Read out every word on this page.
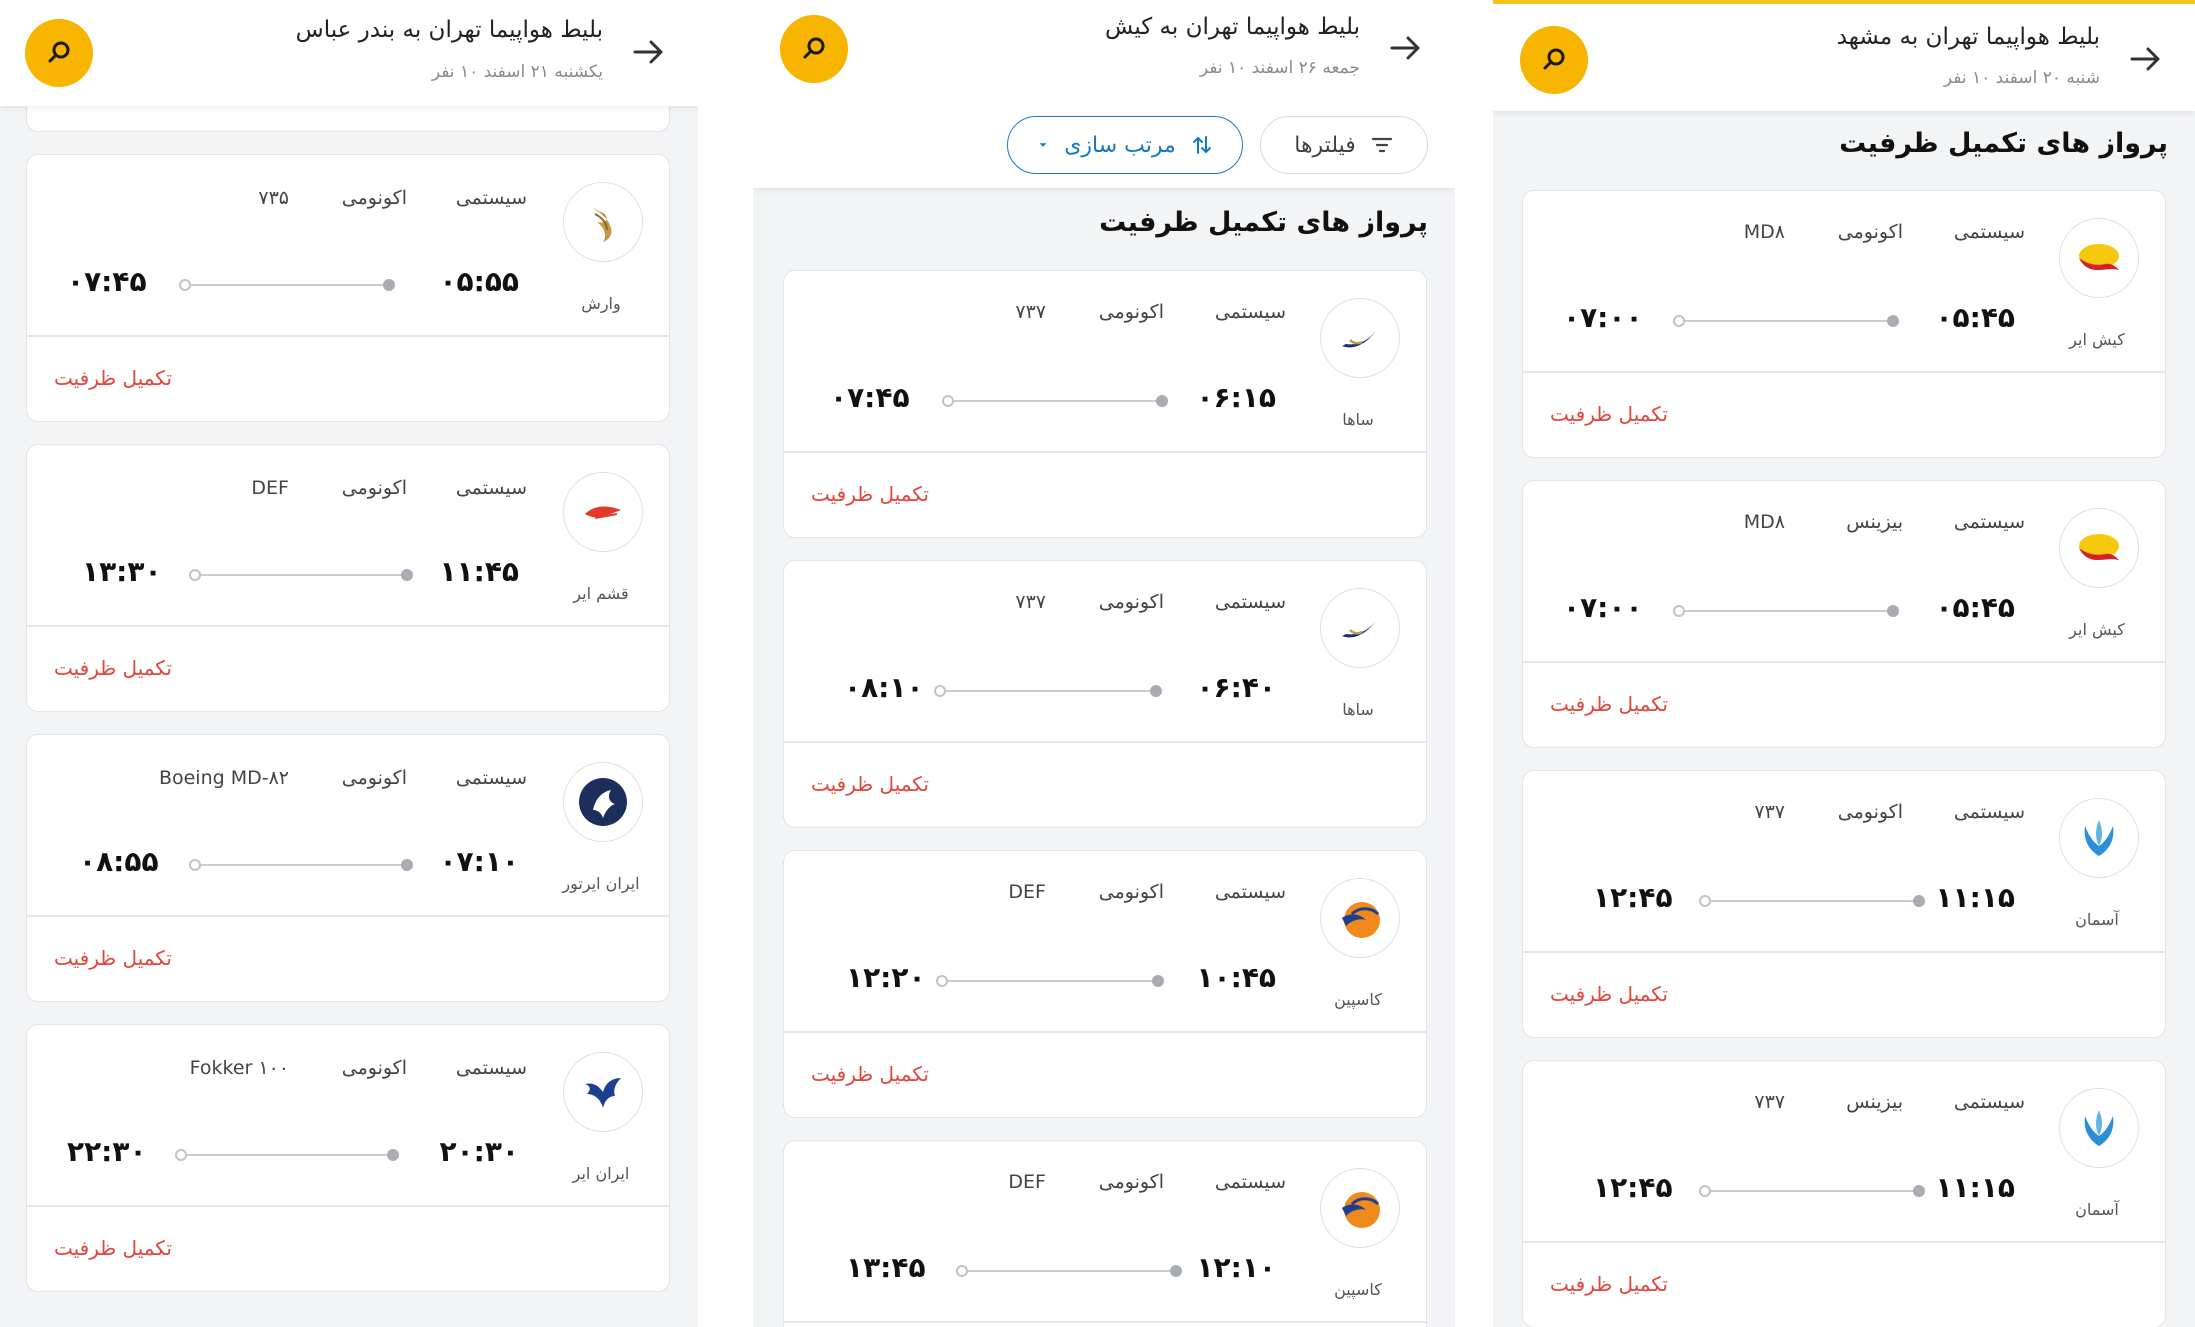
وارش
سیستمی
اکونومی
۷۳۵
۰۵:۵۵
۰۷:۴۵
تکمیل ظرفیت
قشم ایر
سیستمی
اکونومی
DEF
۱۱:۴۵
۱۳:۳۰
تکمیل ظرفیت
ایران ایرتور
سیستمی
اکونومی
Boeing MD-۸۲
۰۷:۱۰
۰۸:۵۵
تکمیل ظرفیت
ایران ایر
سیستمی
اکونومی
Fokker ۱۰۰
۲۰:۳۰
۲۲:۳۰
تکمیل ظرفیت
بلیط هواپیما تهران به بندر عباس
یکشنبه ۲۱ اسفند ۱۰ نفر
بلیط هواپیما تهران به کیش
جمعه ۲۶ اسفند ۱۰ نفر
فیلترها
مرتب سازی
پرواز های تکمیل ظرفیت
ساها
سیستمی
اکونومی
۷۳۷
۰۶:۱۵
۰۷:۴۵
تکمیل ظرفیت
ساها
سیستمی
اکونومی
۷۳۷
۰۶:۴۰
۰۸:۱۰
تکمیل ظرفیت
کاسپین
سیستمی
اکونومی
DEF
۱۰:۴۵
۱۲:۲۰
تکمیل ظرفیت
کاسپین
سیستمی
اکونومی
DEF
۱۲:۱۰
۱۳:۴۵
بلیط هواپیما تهران به مشهد
شنبه ۲۰ اسفند ۱۰ نفر
پرواز های تکمیل ظرفیت
کیش ایر
سیستمی
اکونومی
MD۸
۰۵:۴۵
۰۷:۰۰
تکمیل ظرفیت
کیش ایر
سیستمی
بیزینس
MD۸
۰۵:۴۵
۰۷:۰۰
تکمیل ظرفیت
آسمان
سیستمی
اکونومی
۷۳۷
۱۱:۱۵
۱۲:۴۵
تکمیل ظرفیت
آسمان
سیستمی
بیزینس
۷۳۷
۱۱:۱۵
۱۲:۴۵
تکمیل ظرفیت
